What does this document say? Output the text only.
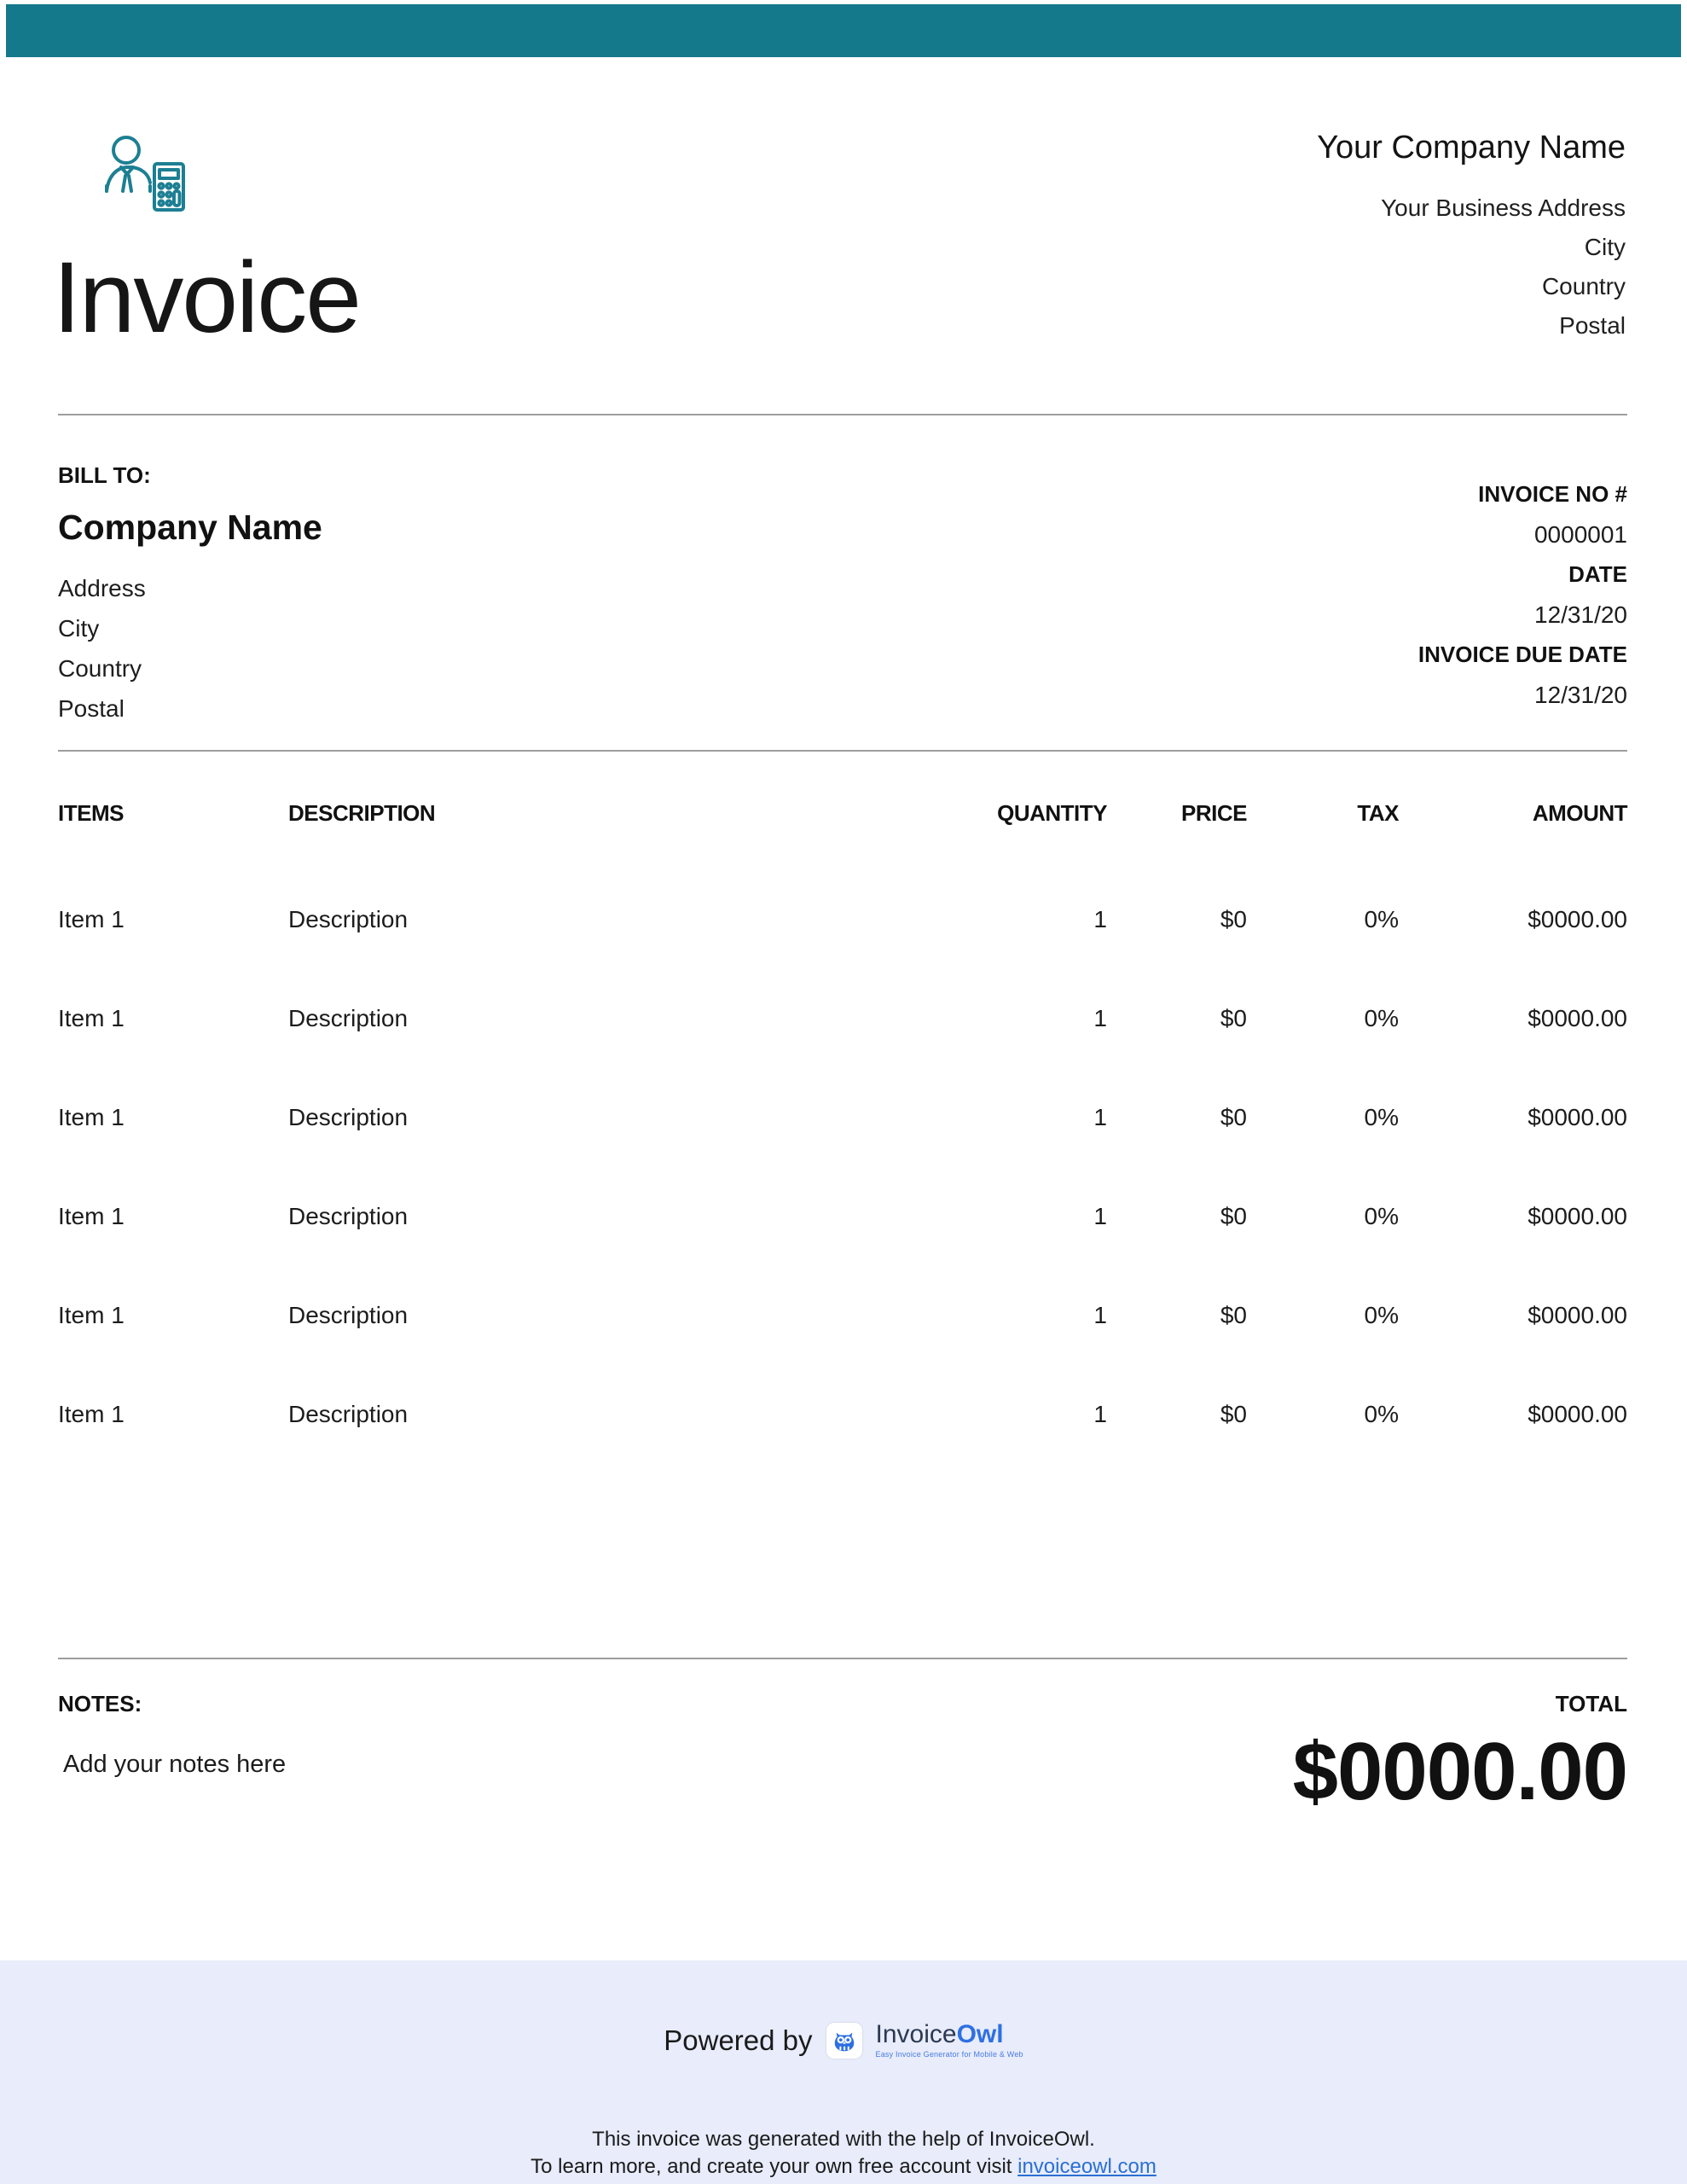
Invoice
Your Company Name
Your Business Address
City
Country
Postal
BILL TO:
Company Name
Address
City
Country
Postal
INVOICE NO #
0000001
DATE
12/31/20
INVOICE DUE DATE
12/31/20
ITEMS	DESCRIPTION	QUANTITY	PRICE	TAX	AMOUNT
Item 1	Description	1	$0	0%	$0000.00
Item 1	Description	1	$0	0%	$0000.00
Item 1	Description	1	$0	0%	$0000.00
Item 1	Description	1	$0	0%	$0000.00
Item 1	Description	1	$0	0%	$0000.00
Item 1	Description	1	$0	0%	$0000.00
NOTES:
Add your notes here
TOTAL
$0000.00
Powered by InvoiceOwl
Easy Invoice Generator for Mobile & Web
This invoice was generated with the help of InvoiceOwl.
To learn more, and create your own free account visit invoiceowl.com
